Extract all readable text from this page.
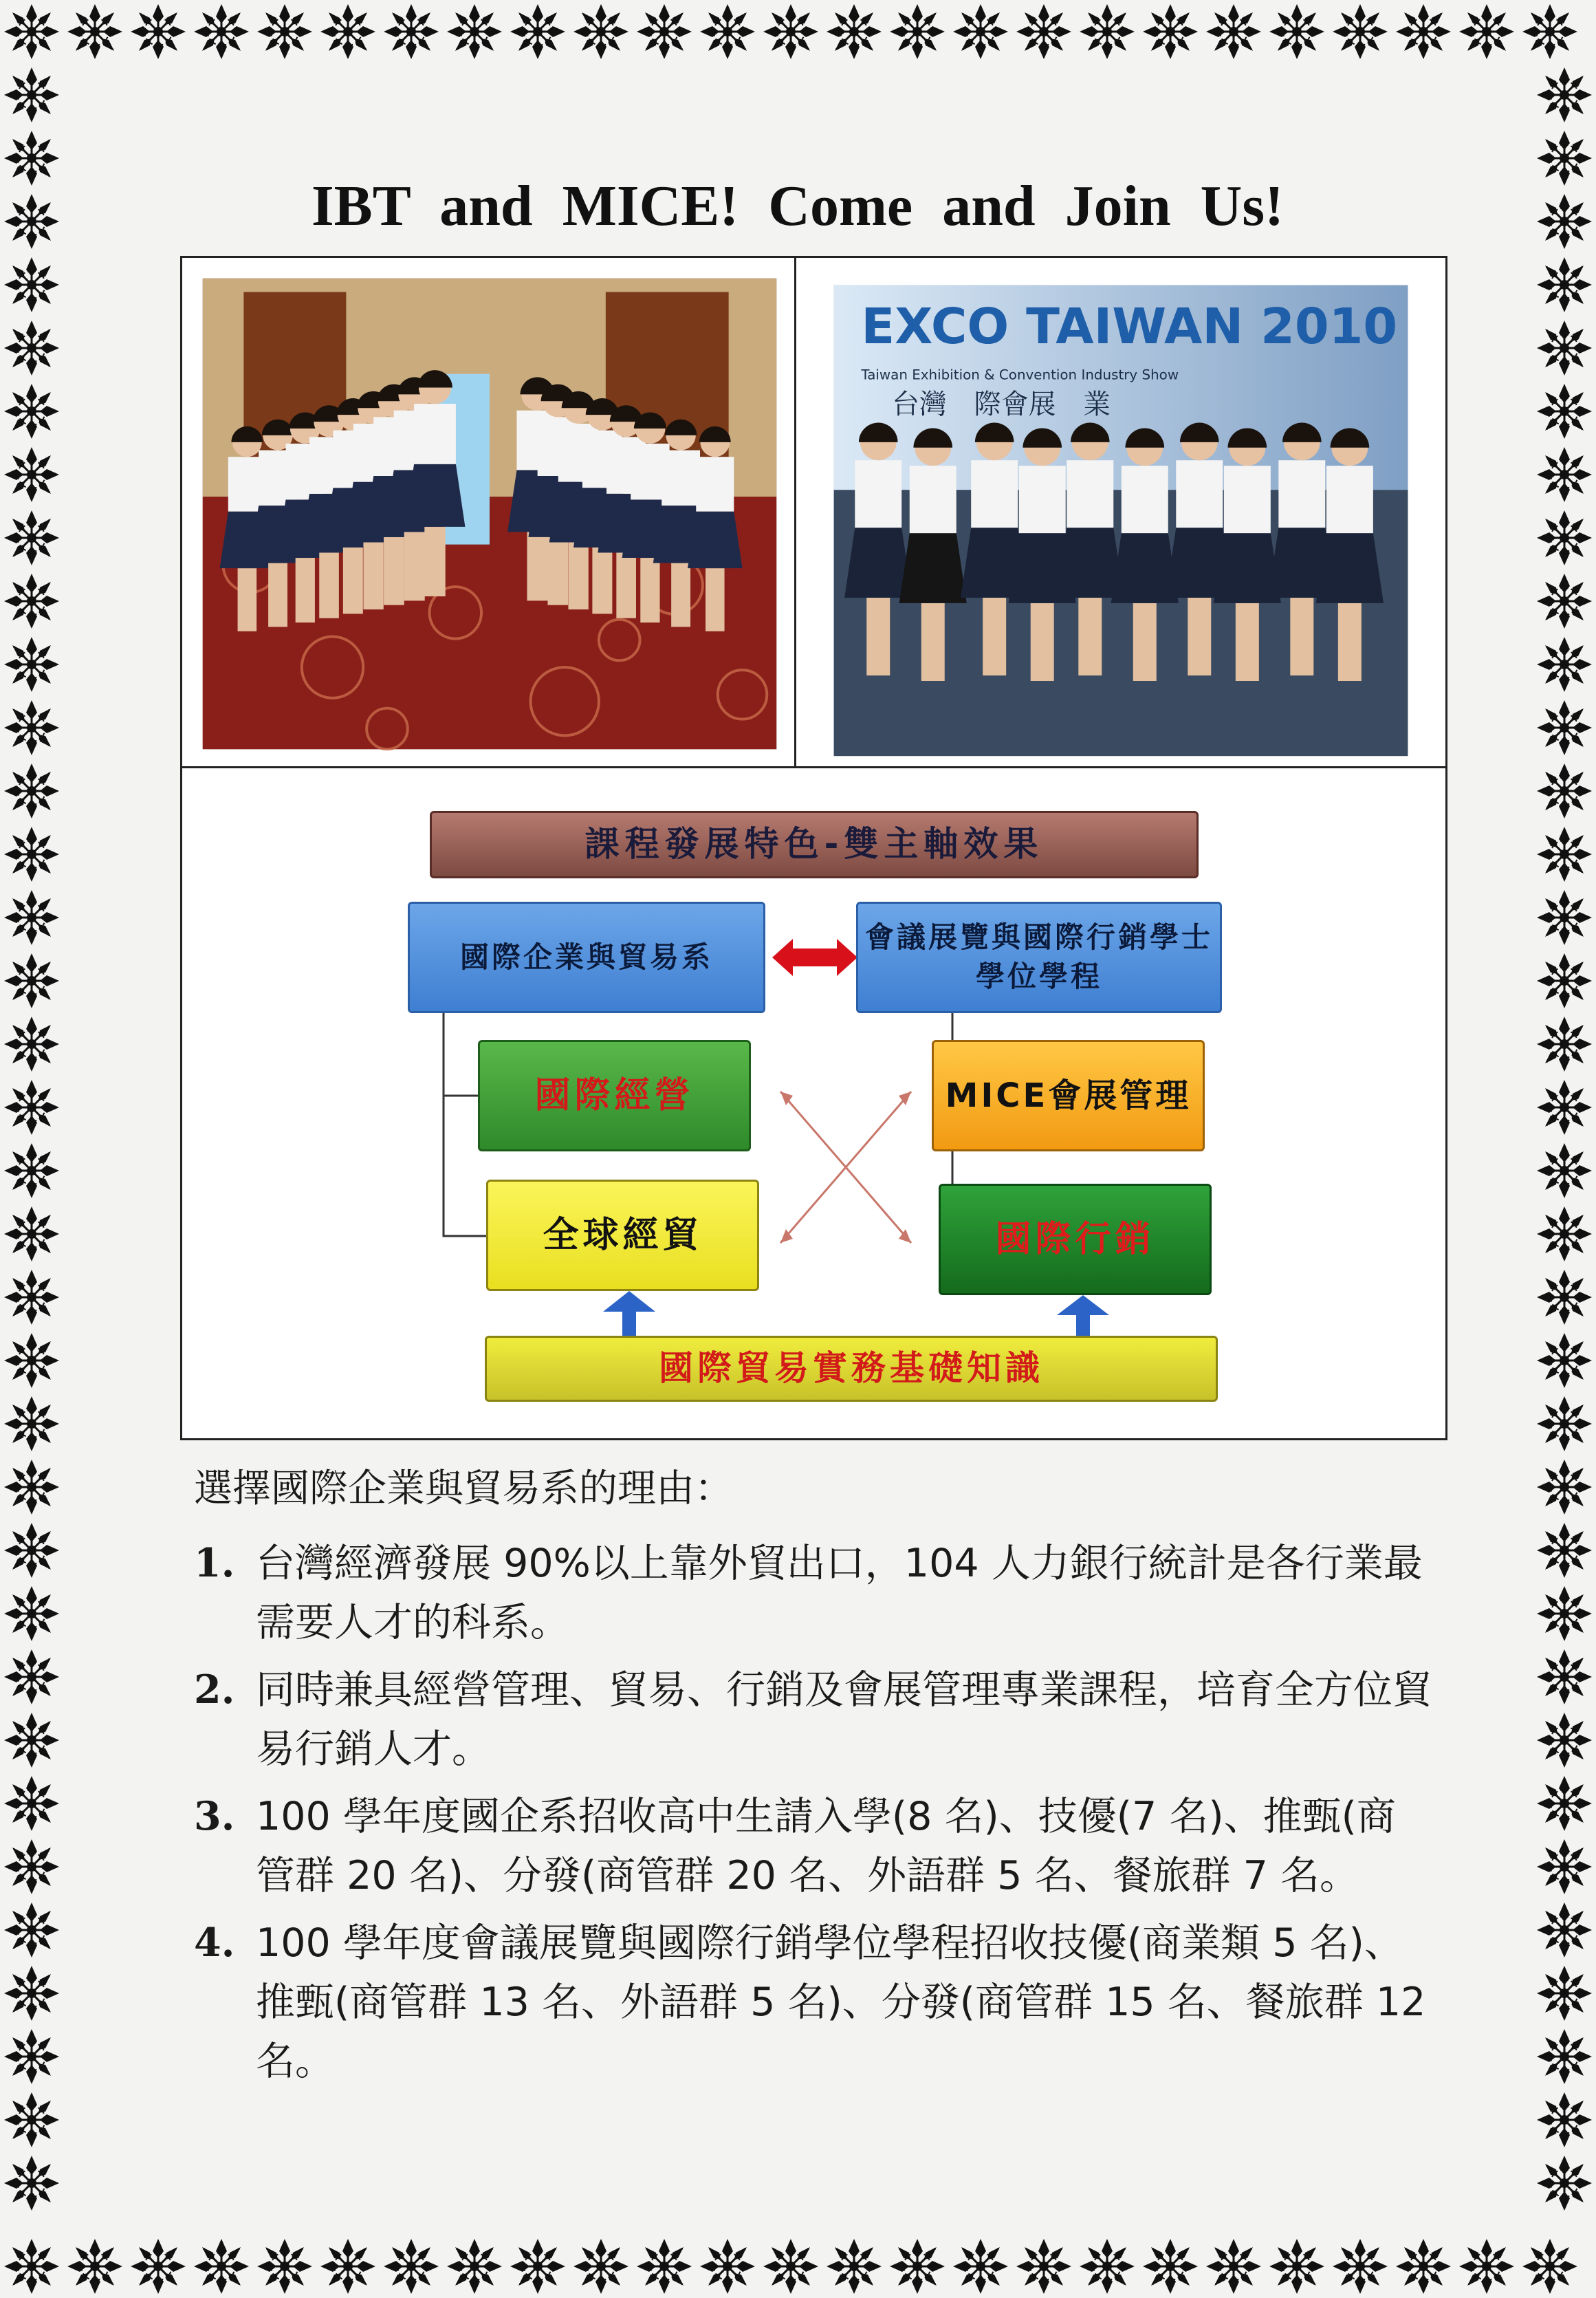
IBT and MICE! Come and Join Us!
EXCO TAIWAN 2010
Taiwan Exhibition & Convention Industry Show
台灣　際會展　業
課程發展特色-雙主軸效果
國際企業與貿易系
會議展覽與國際行銷學士學位學程
國際經營	MICE會展管理
全球經貿	國際行銷
國際貿易實務基礎知識
選擇國際企業與貿易系的理由：
1. 台灣經濟發展 90%以上靠外貿出口，104 人力銀行統計是各行業最需要人才的科系。
2. 同時兼具經營管理、貿易、行銷及會展管理專業課程，培育全方位貿易行銷人才。
3. 100 學年度國企系招收高中生請入學(8 名)、技優(7 名)、推甄(商管群 20 名)、分發(商管群 20 名、外語群 5 名、餐旅群 7 名。
4. 100 學年度會議展覽與國際行銷學位學程招收技優(商業類 5 名)、推甄(商管群 13 名、外語群 5 名)、分發(商管群 15 名、餐旅群 12 名。
